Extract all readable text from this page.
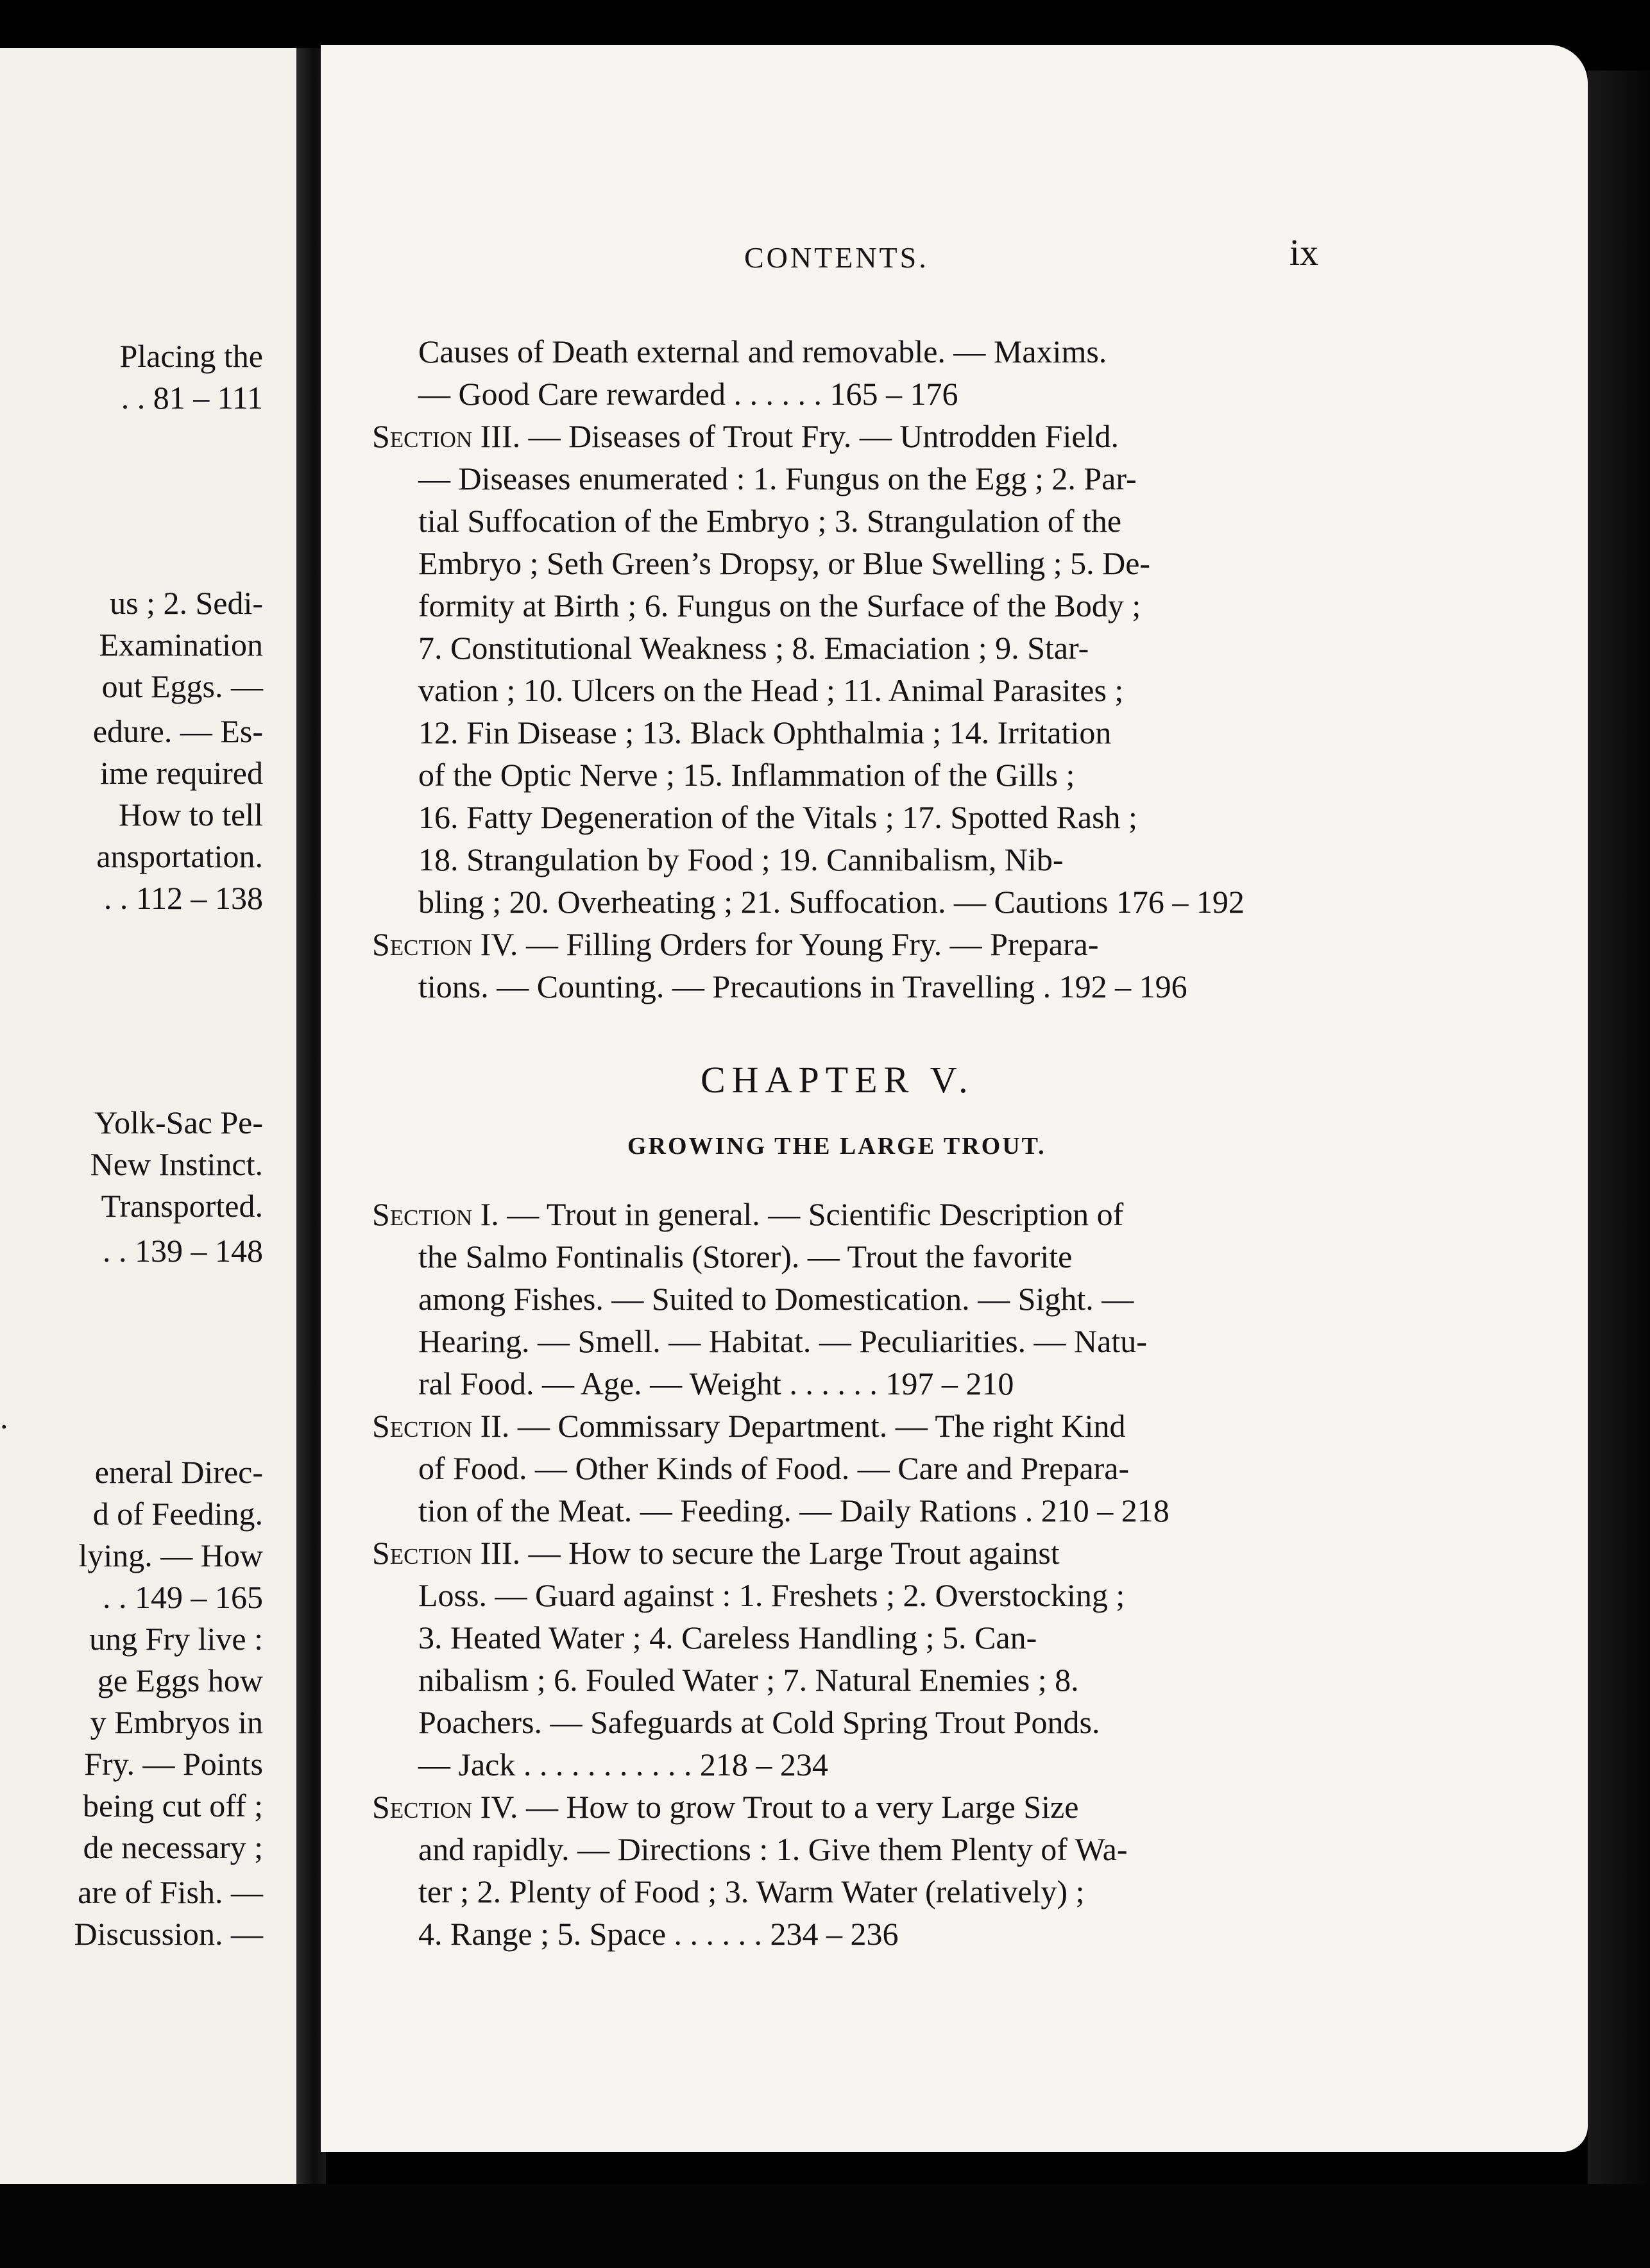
Placing the
. . 81 – 111
us ; 2. Sedi-
Examination
out Eggs. —
edure. — Es-
ime required
How to tell
ansportation.
. . 112 – 138
Yolk-Sac Pe-
New Instinct.
Transported.
. . 139 – 148
.
eneral Direc-
d of Feeding.
lying. — How
. . 149 – 165
ung Fry live :
ge Eggs how
y Embryos in
Fry. — Points
being cut off ;
de necessary ;
are of Fish. —
Discussion. —
CONTENTS.	ix
Causes of Death external and removable. — Maxims.
— Good Care rewarded . . . . . . 165 – 176
Section III. — Diseases of Trout Fry. — Untrodden Field.
— Diseases enumerated : 1. Fungus on the Egg ; 2. Par-
tial Suffocation of the Embryo ; 3. Strangulation of the
Embryo ; Seth Green’s Dropsy, or Blue Swelling ; 5. De-
formity at Birth ; 6. Fungus on the Surface of the Body ;
7. Constitutional Weakness ; 8. Emaciation ; 9. Star-
vation ; 10. Ulcers on the Head ; 11. Animal Parasites ;
12. Fin Disease ; 13. Black Ophthalmia ; 14. Irritation
of the Optic Nerve ; 15. Inflammation of the Gills ;
16. Fatty Degeneration of the Vitals ; 17. Spotted Rash ;
18. Strangulation by Food ; 19. Cannibalism, Nib-
bling ; 20. Overheating ; 21. Suffocation. — Cautions 176 – 192
Section IV. — Filling Orders for Young Fry. — Prepara-
tions. — Counting. — Precautions in Travelling . 192 – 196
CHAPTER V.
GROWING THE LARGE TROUT.
Section I. — Trout in general. — Scientific Description of
the Salmo Fontinalis (Storer). — Trout the favorite
among Fishes. — Suited to Domestication. — Sight. —
Hearing. — Smell. — Habitat. — Peculiarities. — Natu-
ral Food. — Age. — Weight . . . . . . 197 – 210
Section II. — Commissary Department. — The right Kind
of Food. — Other Kinds of Food. — Care and Prepara-
tion of the Meat. — Feeding. — Daily Rations . 210 – 218
Section III. — How to secure the Large Trout against
Loss. — Guard against : 1. Freshets ; 2. Overstocking ;
3. Heated Water ; 4. Careless Handling ; 5. Can-
nibalism ; 6. Fouled Water ; 7. Natural Enemies ; 8.
Poachers. — Safeguards at Cold Spring Trout Ponds.
— Jack . . . . . . . . . . . 218 – 234
Section IV. — How to grow Trout to a very Large Size
and rapidly. — Directions : 1. Give them Plenty of Wa-
ter ; 2. Plenty of Food ; 3. Warm Water (relatively) ;
4. Range ; 5. Space . . . . . . 234 – 236
